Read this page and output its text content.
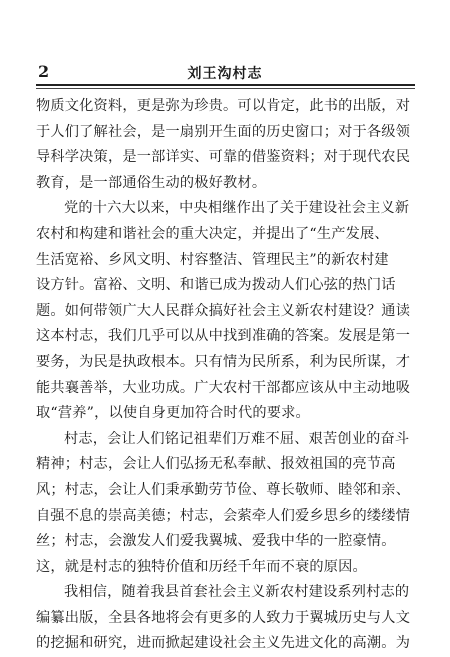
2	刘王沟村志
物质文化资料，更是弥为珍贵。可以肯定，此书的出版，对
于人们了解社会，是一扇别开生面的历史窗口；对于各级领
导科学决策，是一部详实、可靠的借鉴资料；对于现代农民
教育，是一部通俗生动的极好教材。
党的十六大以来，中央相继作出了关于建设社会主义新
农村和构建和谐社会的重大决定，并提出了“生产发展、
生活宽裕、乡风文明、村容整洁、管理民主”的新农村建
设方针。富裕、文明、和谐已成为拨动人们心弦的热门话
题。如何带领广大人民群众搞好社会主义新农村建设？通读
这本村志，我们几乎可以从中找到准确的答案。发展是第一
要务，为民是执政根本。只有情为民所系，利为民所谋，才
能共襄善举，大业功成。广大农村干部都应该从中主动地吸
取“营养”，以使自身更加符合时代的要求。
村志，会让人们铭记祖辈们万难不屈、艰苦创业的奋斗
精神；村志，会让人们弘扬无私奉献、报效祖国的亮节高
风；村志，会让人们秉承勤劳节俭、尊长敬师、睦邻和亲、
自强不息的崇高美德；村志，会萦牵人们爱乡思乡的缕缕情
丝；村志，会激发人们爱我翼城、爱我中华的一腔豪情。
这，就是村志的独特价值和历经千年而不衰的原因。
我相信，随着我县首套社会主义新农村建设系列村志的
编纂出版，全县各地将会有更多的人致力于翼城历史与人文
的挖掘和研究，进而掀起建设社会主义先进文化的高潮。为
